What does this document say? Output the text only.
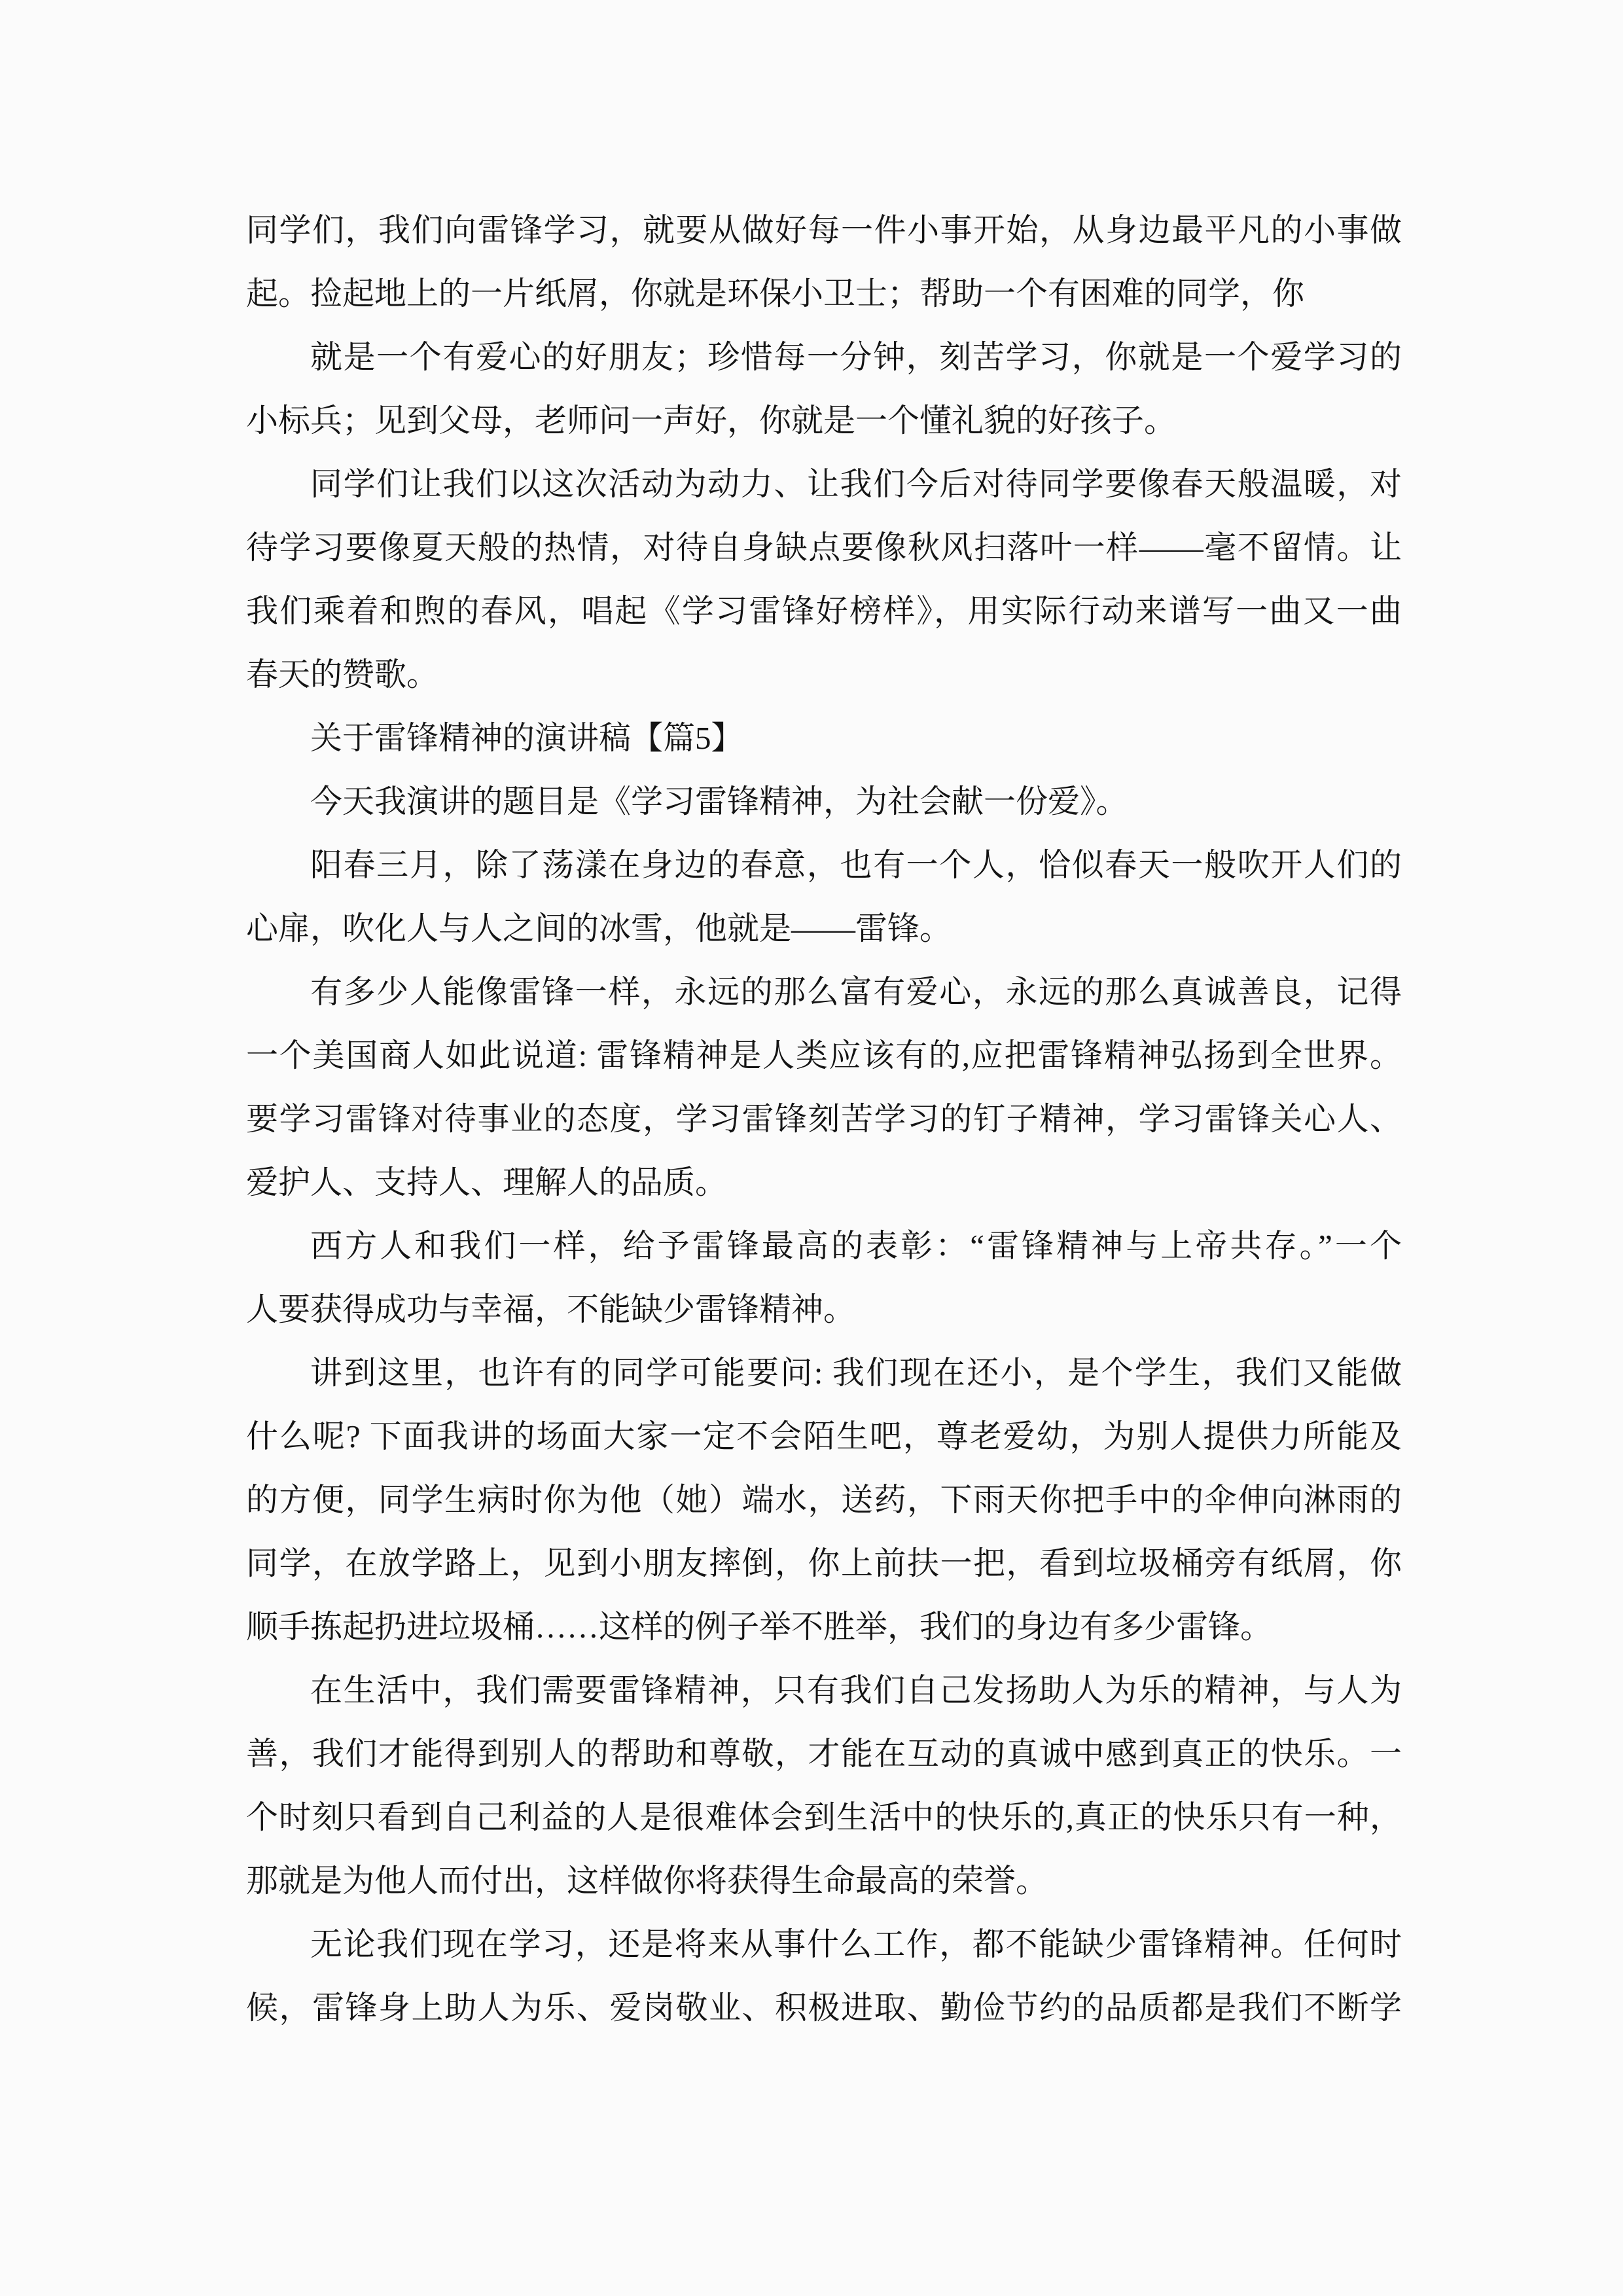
同学们，我们向雷锋学习，就要从做好每一件小事开始，从身边最平凡的小事做
起。捡起地上的一片纸屑，你就是环保小卫士；帮助一个有困难的同学，你
就是一个有爱心的好朋友；珍惜每一分钟，刻苦学习，你就是一个爱学习的
小标兵；见到父母，老师问一声好，你就是一个懂礼貌的好孩子。
同学们让我们以这次活动为动力、让我们今后对待同学要像春天般温暖，对
待学习要像夏天般的热情，对待自身缺点要像秋风扫落叶一样——毫不留情。让
我们乘着和煦的春风，唱起《学习雷锋好榜样》，用实际行动来谱写一曲又一曲
春天的赞歌。
关于雷锋精神的演讲稿【篇5】
今天我演讲的题目是《学习雷锋精神，为社会献一份爱》。
阳春三月，除了荡漾在身边的春意，也有一个人，恰似春天一般吹开人们的
心扉，吹化人与人之间的冰雪，他就是——雷锋。
有多少人能像雷锋一样，永远的那么富有爱心，永远的那么真诚善良，记得
一个美国商人如此说道: 雷锋精神是人类应该有的,应把雷锋精神弘扬到全世界。
要学习雷锋对待事业的态度，学习雷锋刻苦学习的钉子精神，学习雷锋关心人、
爱护人、支持人、理解人的品质。
西方人和我们一样，给予雷锋最高的表彰：“雷锋精神与上帝共存。”一个
人要获得成功与幸福，不能缺少雷锋精神。
讲到这里，也许有的同学可能要问: 我们现在还小，是个学生，我们又能做
什么呢? 下面我讲的场面大家一定不会陌生吧，尊老爱幼，为别人提供力所能及
的方便，同学生病时你为他（她）端水，送药，下雨天你把手中的伞伸向淋雨的
同学，在放学路上，见到小朋友摔倒，你上前扶一把，看到垃圾桶旁有纸屑，你
顺手拣起扔进垃圾桶……这样的例子举不胜举，我们的身边有多少雷锋。
在生活中，我们需要雷锋精神，只有我们自己发扬助人为乐的精神，与人为
善，我们才能得到别人的帮助和尊敬，才能在互动的真诚中感到真正的快乐。一
个时刻只看到自己利益的人是很难体会到生活中的快乐的,真正的快乐只有一种，
那就是为他人而付出，这样做你将获得生命最高的荣誉。
无论我们现在学习，还是将来从事什么工作，都不能缺少雷锋精神。任何时
候，雷锋身上助人为乐、爱岗敬业、积极进取、勤俭节约的品质都是我们不断学
